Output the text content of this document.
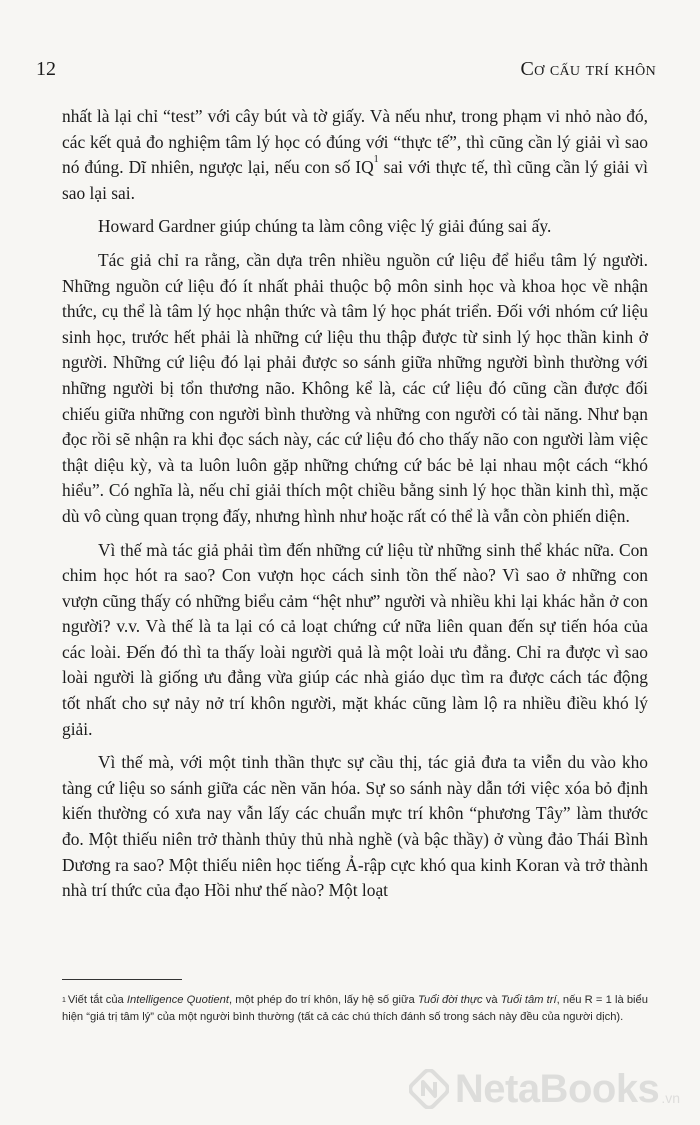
12	Cơ cấu trí khôn

nhất là lại chỉ “test” với cây bút và tờ giấy. Và nếu như, trong phạm vi nhỏ nào đó, các kết quả đo nghiệm tâm lý học có đúng với “thực tế”, thì cũng cần lý giải vì sao nó đúng. Dĩ nhiên, ngược lại, nếu con số IQ$^1$ sai với thực tế, thì cũng cần lý giải vì sao lại sai.

Howard Gardner giúp chúng ta làm công việc lý giải đúng sai ấy.

Tác giả chỉ ra rằng, cần dựa trên nhiều nguồn cứ liệu để hiểu tâm lý người. Những nguồn cứ liệu đó ít nhất phải thuộc bộ môn sinh học và khoa học về nhận thức, cụ thể là tâm lý học nhận thức và tâm lý học phát triển. Đối với nhóm cứ liệu sinh học, trước hết phải là những cứ liệu thu thập được từ sinh lý học thần kinh ở người. Những cứ liệu đó lại phải được so sánh giữa những người bình thường với những người bị tổn thương não. Không kể là, các cứ liệu đó cũng cần được đối chiếu giữa những con người bình thường và những con người có tài năng. Như bạn đọc rồi sẽ nhận ra khi đọc sách này, các cứ liệu đó cho thấy não con người làm việc thật diệu kỳ, và ta luôn luôn gặp những chứng cứ bác bẻ lại nhau một cách “khó hiểu”. Có nghĩa là, nếu chỉ giải thích một chiều bằng sinh lý học thần kinh thì, mặc dù vô cùng quan trọng đấy, nhưng hình như hoặc rất có thể là vẫn còn phiến diện.

Vì thế mà tác giả phải tìm đến những cứ liệu từ những sinh thể khác nữa. Con chim học hót ra sao? Con vượn học cách sinh tồn thế nào? Vì sao ở những con vượn cũng thấy có những biểu cảm “hệt như” người và nhiều khi lại khác hẳn ở con người? v.v. Và thế là ta lại có cả loạt chứng cứ nữa liên quan đến sự tiến hóa của các loài. Đến đó thì ta thấy loài người quả là một loài ưu đẳng. Chỉ ra được vì sao loài người là giống ưu đẳng vừa giúp các nhà giáo dục tìm ra được cách tác động tốt nhất cho sự nảy nở trí khôn người, mặt khác cũng làm lộ ra nhiều điều khó lý giải.

Vì thế mà, với một tinh thần thực sự cầu thị, tác giả đưa ta viễn du vào kho tàng cứ liệu so sánh giữa các nền văn hóa. Sự so sánh này dẫn tới việc xóa bỏ định kiến thường có xưa nay vẫn lấy các chuẩn mực trí khôn “phương Tây” làm thước đo. Một thiếu niên trở thành thủy thủ nhà nghề (và bậc thầy) ở vùng đảo Thái Bình Dương ra sao? Một thiếu niên học tiếng Ả-rập cực khó qua kinh Koran và trở thành nhà trí thức của đạo Hồi như thế nào? Một loạt

$^1$ Viết tắt của Intelligence Quotient, một phép đo trí khôn, lấy hệ số giữa Tuổi đời thực và Tuổi tâm trí, nếu R = 1 là biểu hiện “giá trị tâm lý” của một người bình thường (tất cả các chú thích đánh số trong sách này đều của người dịch).
NetaBooks .vn
